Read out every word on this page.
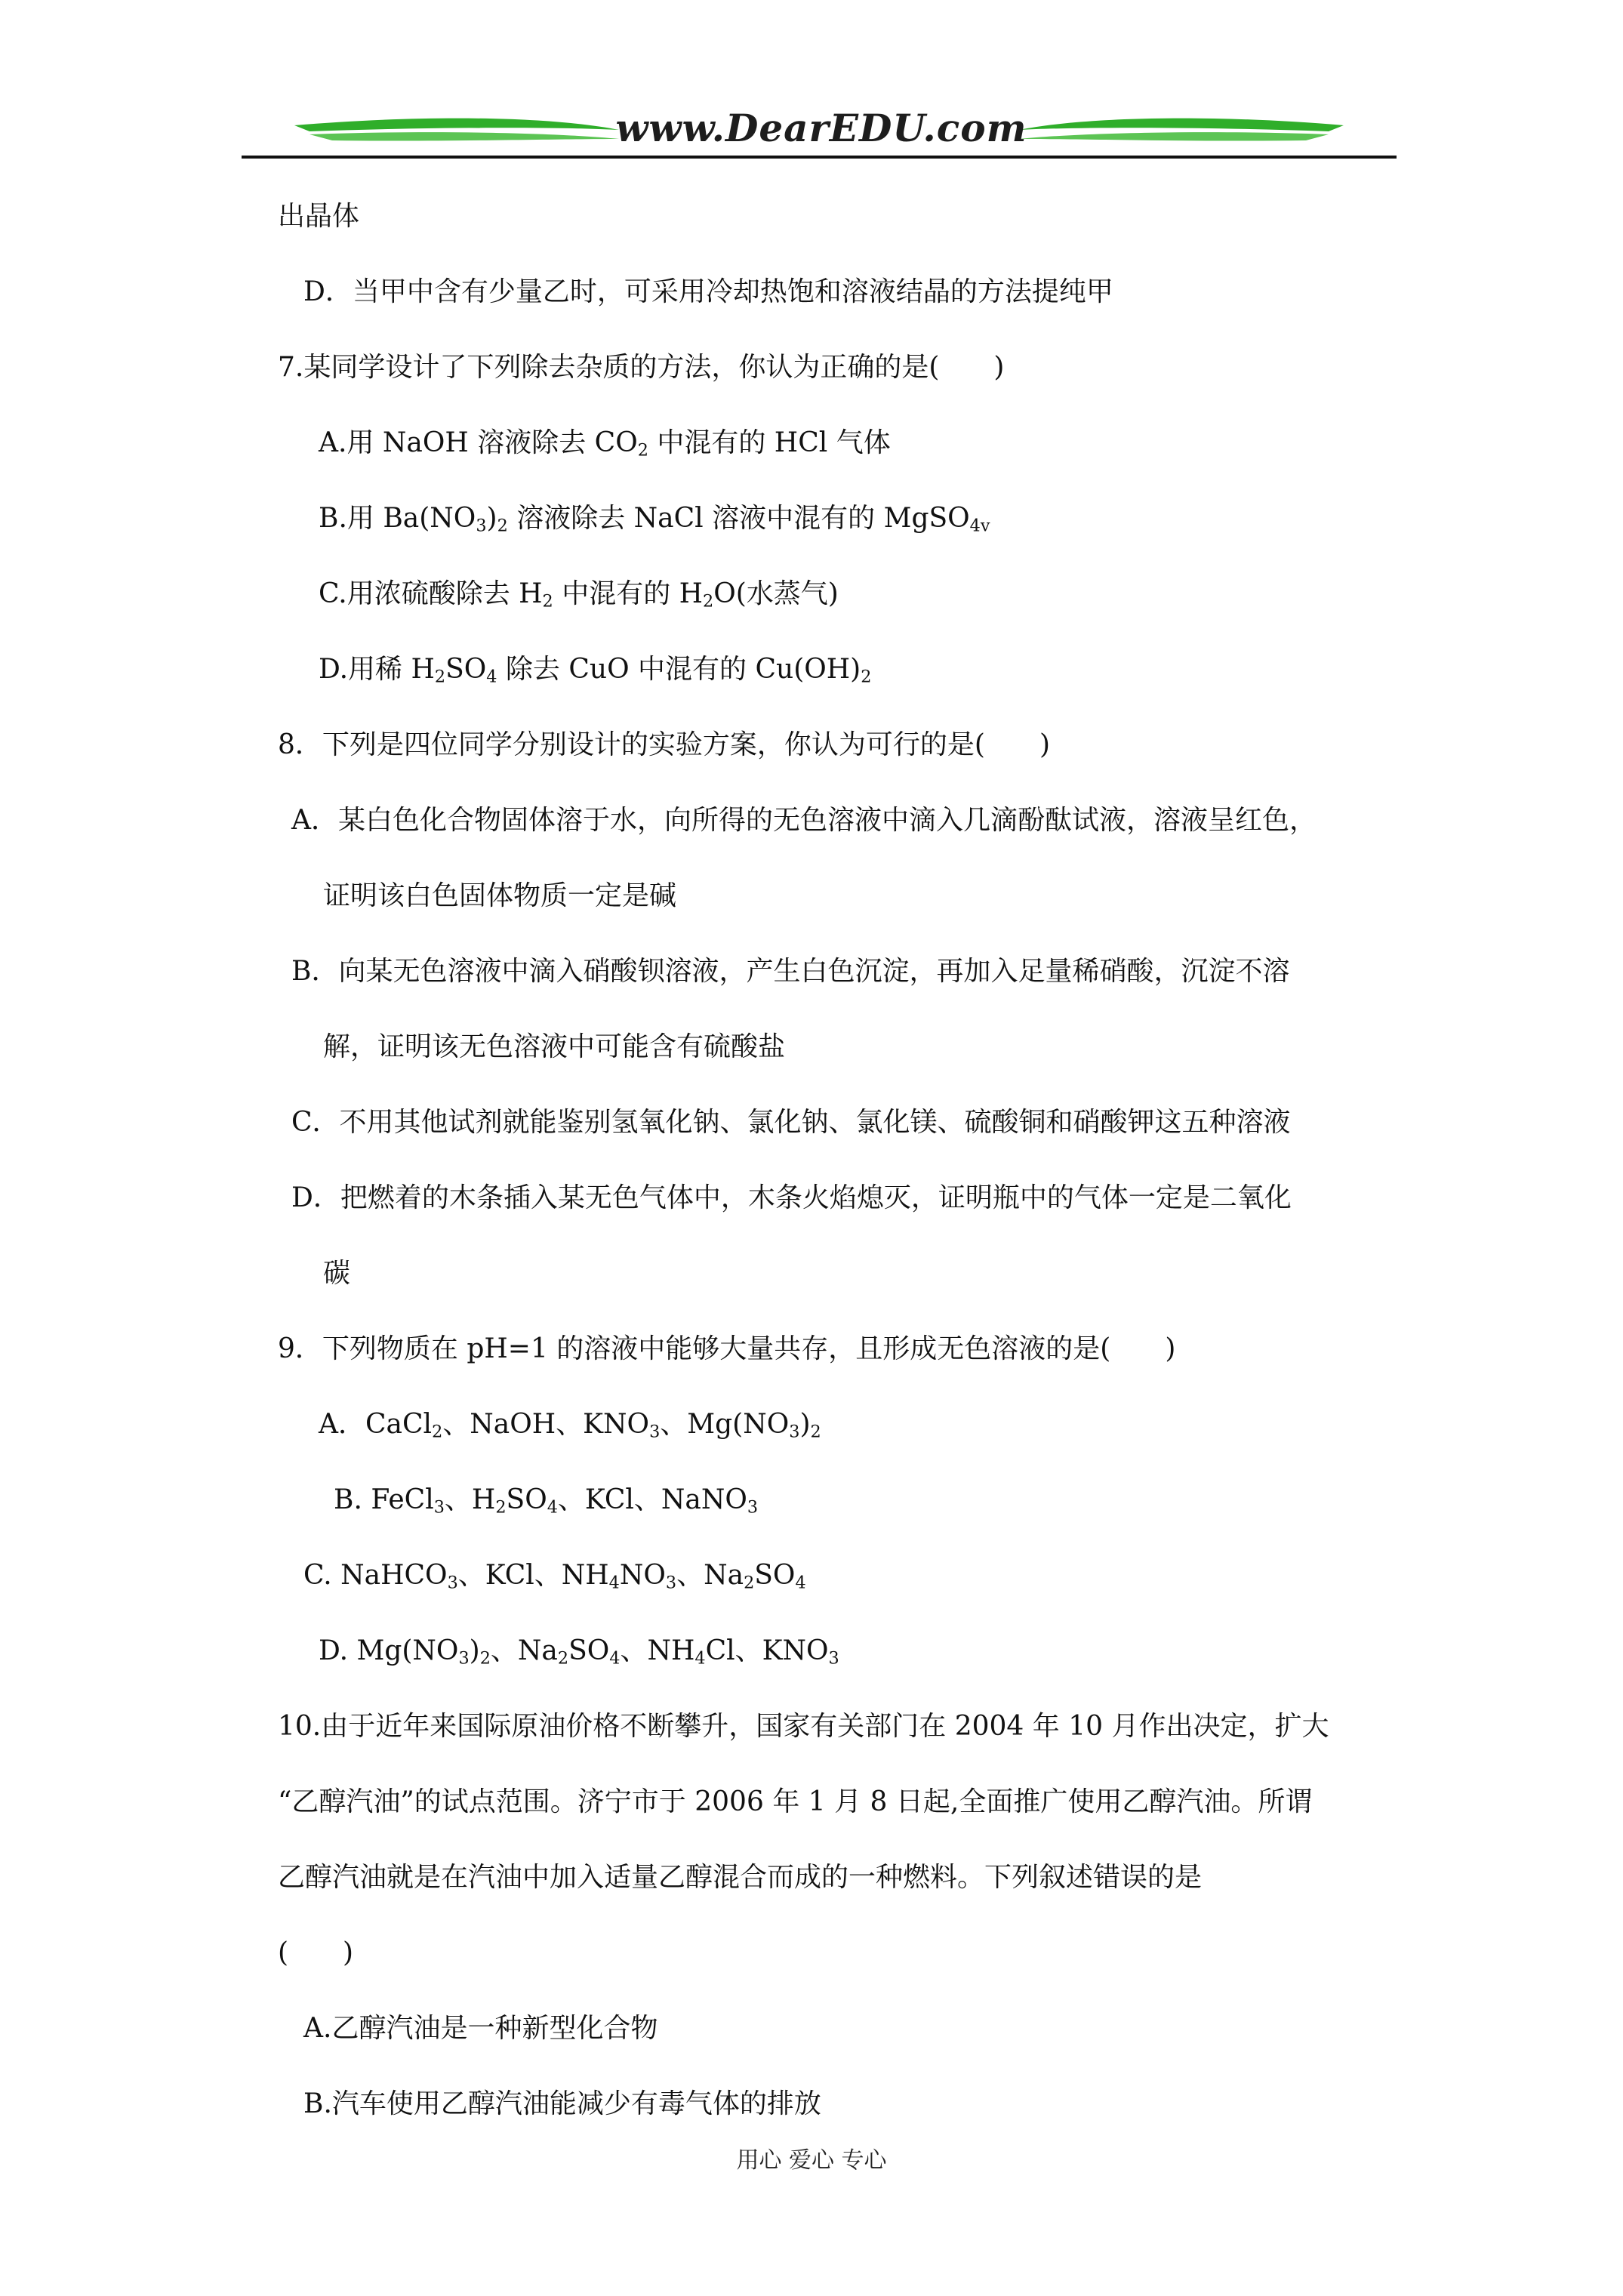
www.DearEDU.com
出晶体
D．当甲中含有少量乙时，可采用冷却热饱和溶液结晶的方法提纯甲
7.某同学设计了下列除去杂质的方法，你认为正确的是(　　)
A.用 NaOH 溶液除去 $CO_2$ 中混有的 HCl 气体
B.用 $Ba(NO_3)_2$ 溶液除去 NaCl 溶液中混有的 MgSO$_{4v}$
C.用浓硫酸除去 $H_2$ 中混有的 $H_2O$(水蒸气)
D.用稀 $H_2SO_4$ 除去 CuO 中混有的 $Cu(OH)_2$
8．下列是四位同学分别设计的实验方案，你认为可行的是(　　)
A．某白色化合物固体溶于水，向所得的无色溶液中滴入几滴酚酞试液，溶液呈红色，
证明该白色固体物质一定是碱
B．向某无色溶液中滴入硝酸钡溶液，产生白色沉淀，再加入足量稀硝酸，沉淀不溶
解，证明该无色溶液中可能含有硫酸盐
C．不用其他试剂就能鉴别氢氧化钠、氯化钠、氯化镁、硫酸铜和硝酸钾这五种溶液
D．把燃着的木条插入某无色气体中，木条火焰熄灭，证明瓶中的气体一定是二氧化
碳
9．下列物质在 pH=1 的溶液中能够大量共存，且形成无色溶液的是(　　)
A．CaCl$_2$、NaOH、$KNO_3$、$Mg(NO_3)_2$
B. FeCl$_3$、$H_2SO_4$、KCl、NaNO$_3$
C. NaHCO$_3$、KCl、$NH_4NO_3$、$Na_2SO_4$
D. $Mg(NO_3)_2$、$Na_2SO_4$、$NH_4Cl$、$KNO_3$
10.由于近年来国际原油价格不断攀升，国家有关部门在 2004 年 10 月作出决定，扩大
“乙醇汽油”的试点范围。济宁市于 2006 年 1 月 8 日起,全面推广使用乙醇汽油。所谓
乙醇汽油就是在汽油中加入适量乙醇混合而成的一种燃料。下列叙述错误的是
(　　)
A.乙醇汽油是一种新型化合物
B.汽车使用乙醇汽油能减少有毒气体的排放
用心 爱心 专心
